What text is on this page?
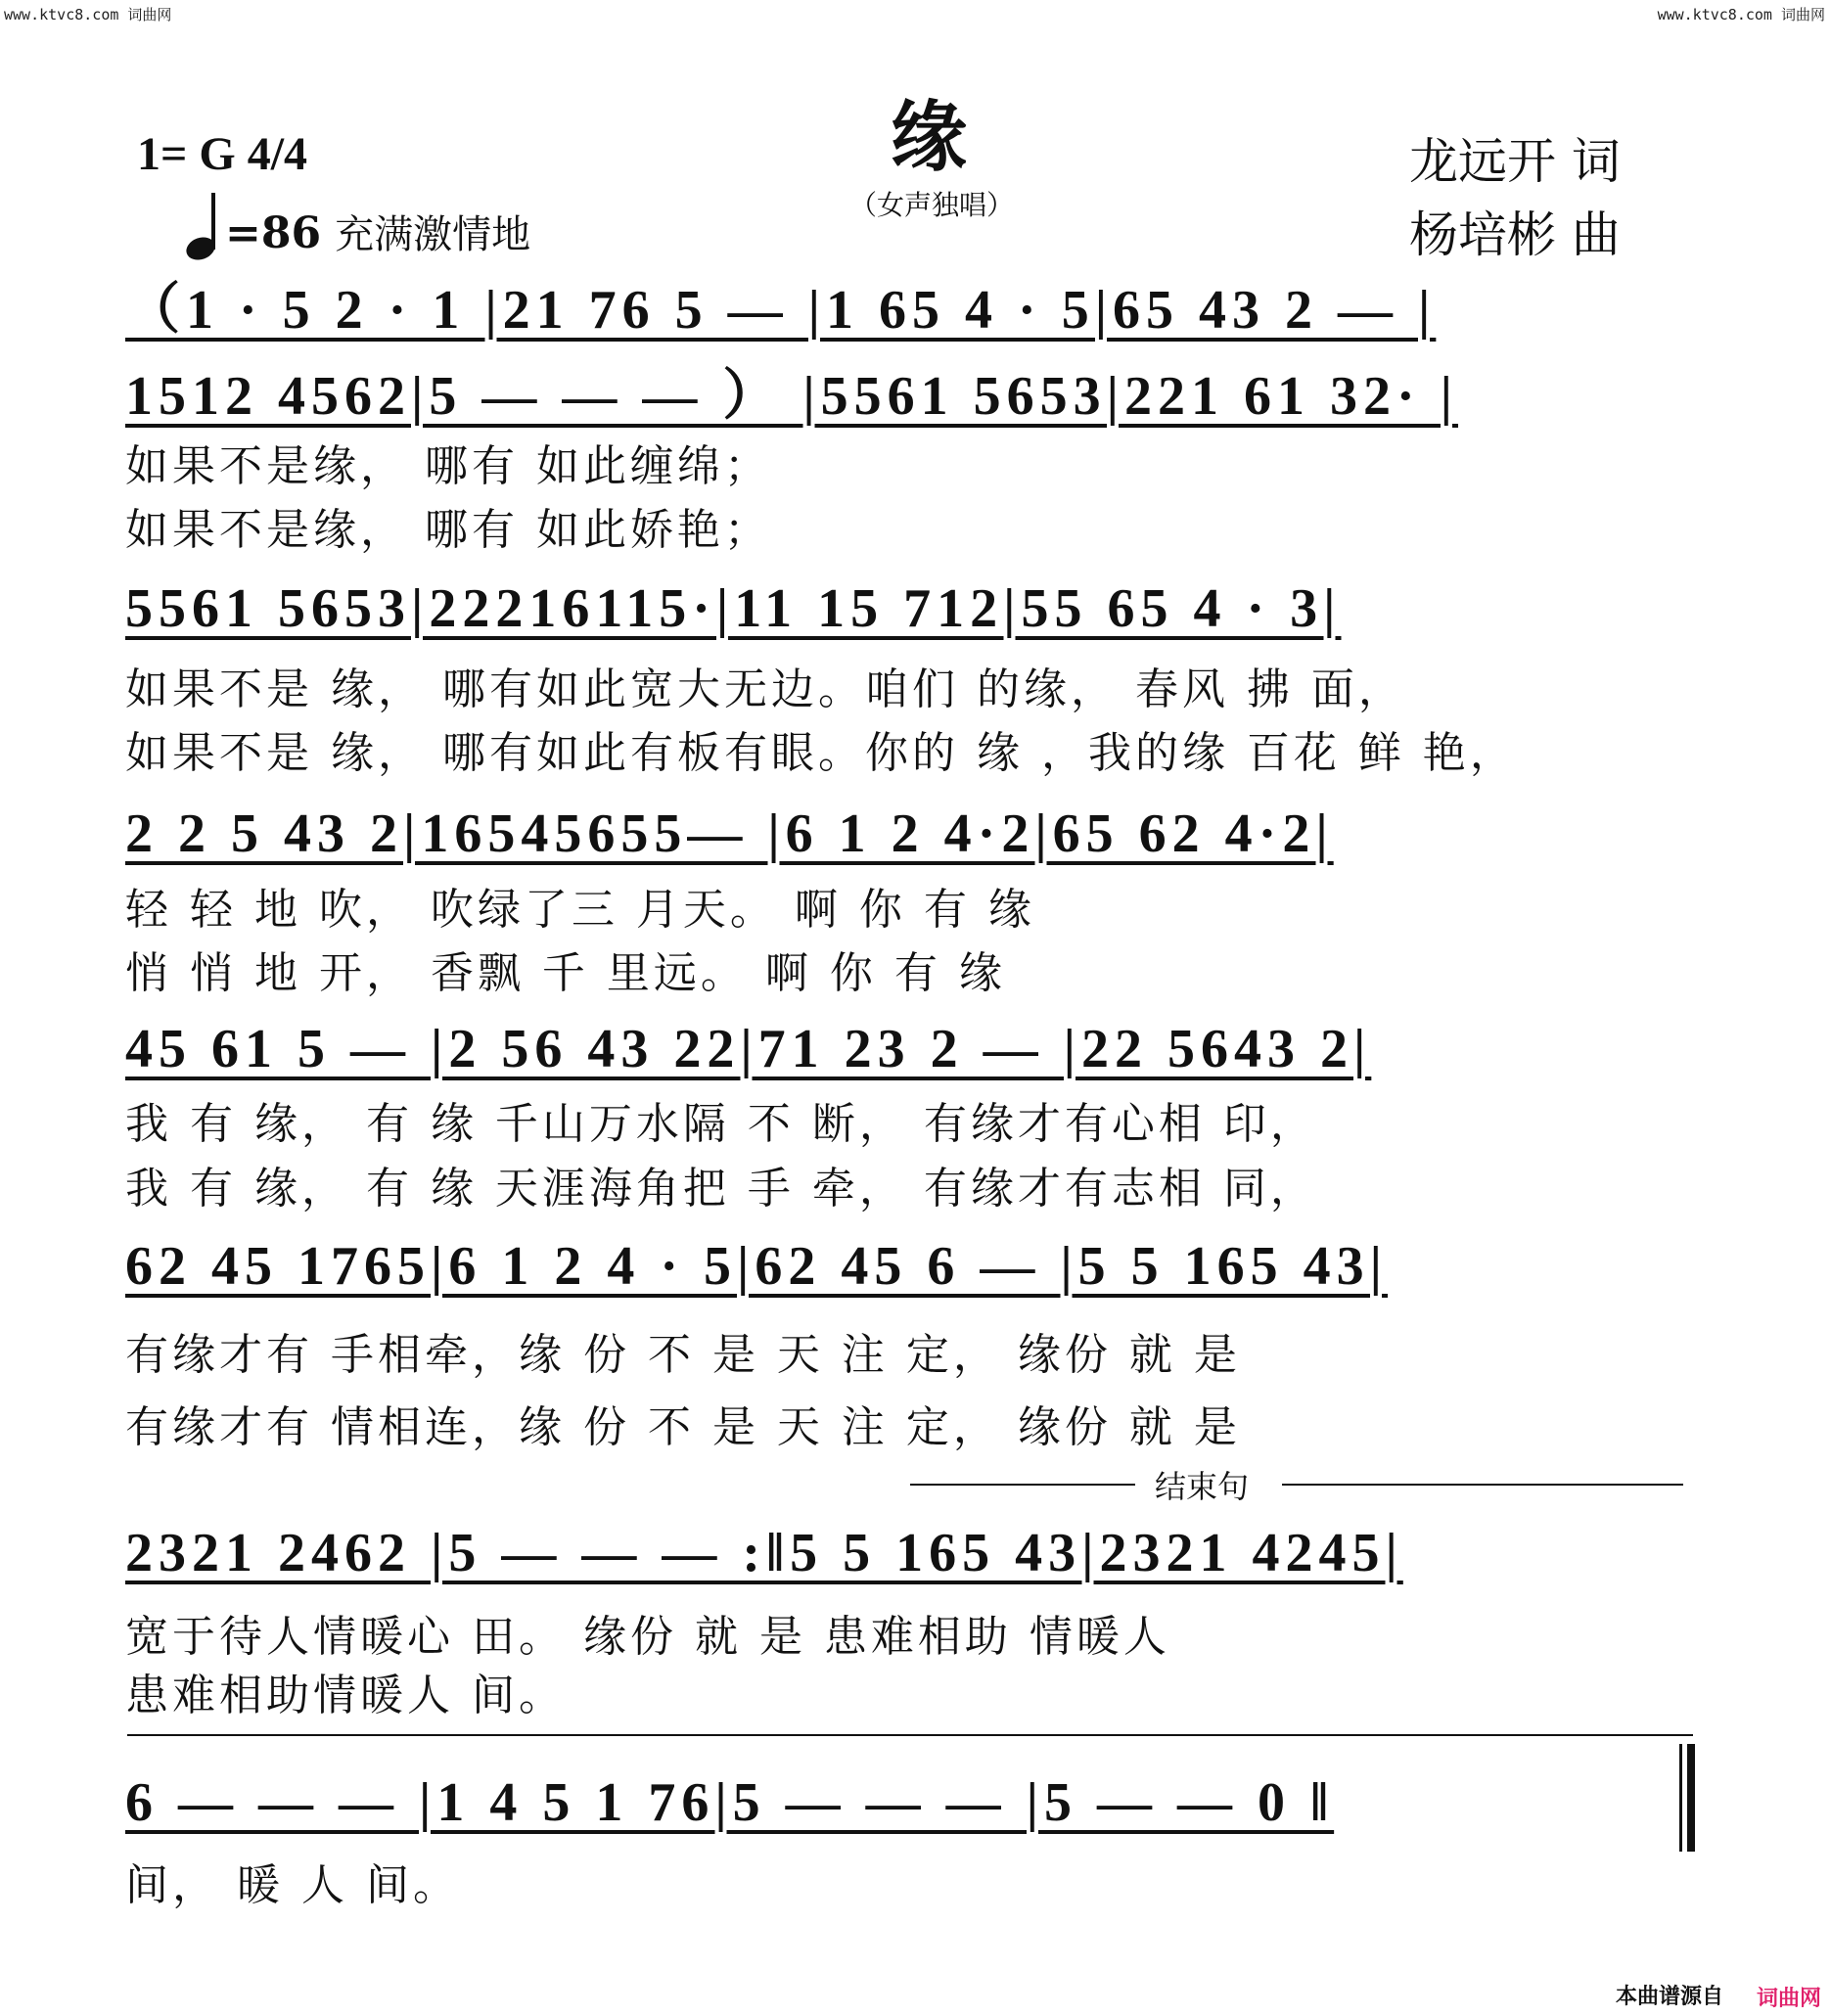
www.ktvc8.com 词曲网	www.ktvc8.com 词曲网
缘
（女声独唱）
1= G 4/4
=86 充满激情地
龙远开 词
杨培彬 曲
（1 · 5 2 · 1 |21 76 5 — |1 65 4 · 5|65 43 2 — |
1512 4562|5 — — — ） |5561 5653|221 61 32· |
如果不是缘， 哪有 如此缠绵；
如果不是缘， 哪有 如此娇艳；
5561 5653|22216115·|11 15 712|55 65 4 · 3|
如果不是 缘， 哪有如此宽大无边。咱们 的缘， 春风 拂 面，
如果不是 缘， 哪有如此有板有眼。你的 缘 ，我的缘 百花 鲜 艳，
2 2 5 43 2|16545655— |6 1 2 4·2|65 62 4·2|
轻 轻 地 吹， 吹绿了三 月天。 啊 你 有 缘
悄 悄 地 开， 香飘 千 里远。 啊 你 有 缘
45 61 5 — |2 56 43 22|71 23 2 — |22 5643 2|
我 有 缘， 有 缘 千山万水隔 不 断， 有缘才有心相 印，
我 有 缘， 有 缘 天涯海角把 手 牵， 有缘才有志相 同，
62 45 1765|6 1 2 4 · 5|62 45 6 — |5 5 165 43|
有缘才有 手相牵，缘 份 不 是 天 注 定， 缘份 就 是
有缘才有 情相连，缘 份 不 是 天 注 定， 缘份 就 是
结束句
2321 2462 |5 — — — :‖5 5 165 43|2321 4245|
宽于待人情暖心 田。 缘份 就 是 患难相助 情暖人
患难相助情暖人 间。
6 — — — |1 4 5 1 76|5 — — — |5 — — 0 ‖
间， 暖 人 间。
本曲谱源自 词曲网
